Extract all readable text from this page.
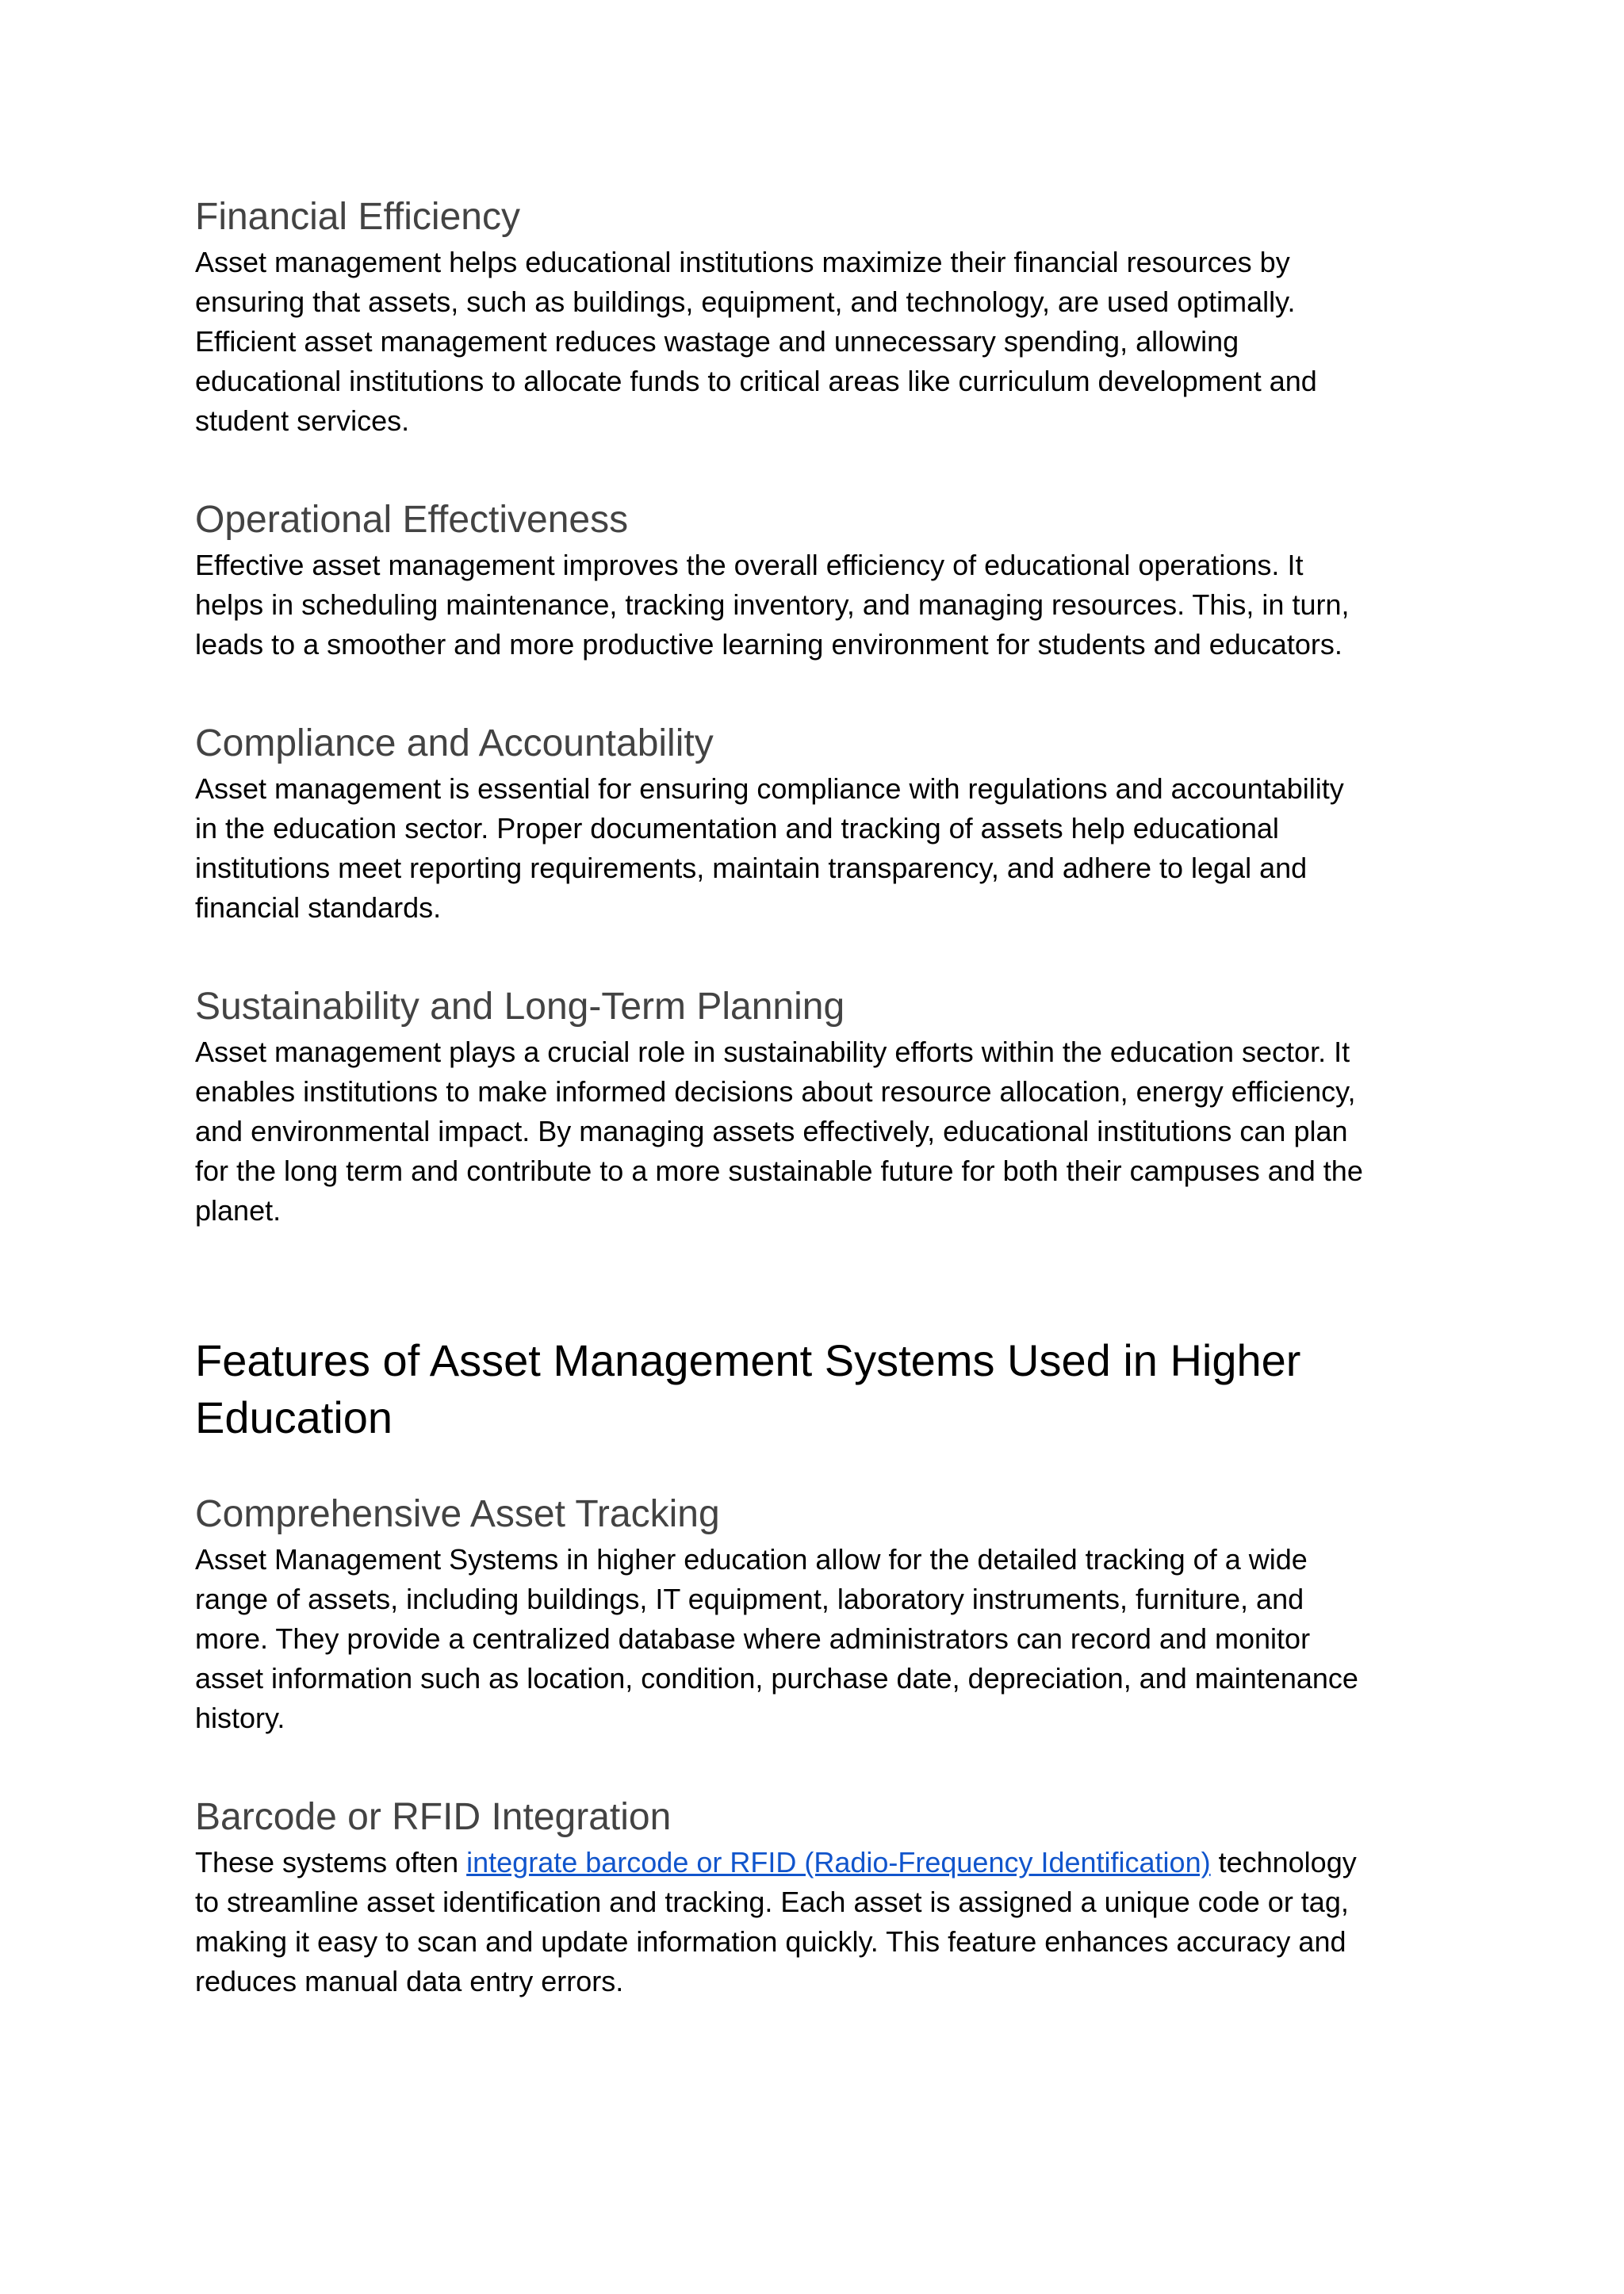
Financial Efficiency

Asset management helps educational institutions maximize their financial resources by
ensuring that assets, such as buildings, equipment, and technology, are used optimally.
Efficient asset management reduces wastage and unnecessary spending, allowing
educational institutions to allocate funds to critical areas like curriculum development and
student services.

Operational Effectiveness

Effective asset management improves the overall efficiency of educational operations. It
helps in scheduling maintenance, tracking inventory, and managing resources. This, in turn,
leads to a smoother and more productive learning environment for students and educators.

Compliance and Accountability

Asset management is essential for ensuring compliance with regulations and accountability
in the education sector. Proper documentation and tracking of assets help educational
institutions meet reporting requirements, maintain transparency, and adhere to legal and
financial standards.

Sustainability and Long-Term Planning

Asset management plays a crucial role in sustainability efforts within the education sector. It
enables institutions to make informed decisions about resource allocation, energy efficiency,
and environmental impact. By managing assets effectively, educational institutions can plan
for the long term and contribute to a more sustainable future for both their campuses and the
planet.

Features of Asset Management Systems Used in Higher
Education
Comprehensive Asset Tracking

Asset Management Systems in higher education allow for the detailed tracking of a wide
range of assets, including buildings, IT equipment, laboratory instruments, furniture, and
more. They provide a centralized database where administrators can record and monitor
asset information such as location, condition, purchase date, depreciation, and maintenance
history.

Barcode or RFID Integration

These systems often integrate barcode or RFID (Radio-Frequency Identification) technology
to streamline asset identification and tracking. Each asset is assigned a unique code or tag,
making it easy to scan and update information quickly. This feature enhances accuracy and
reduces manual data entry errors.
